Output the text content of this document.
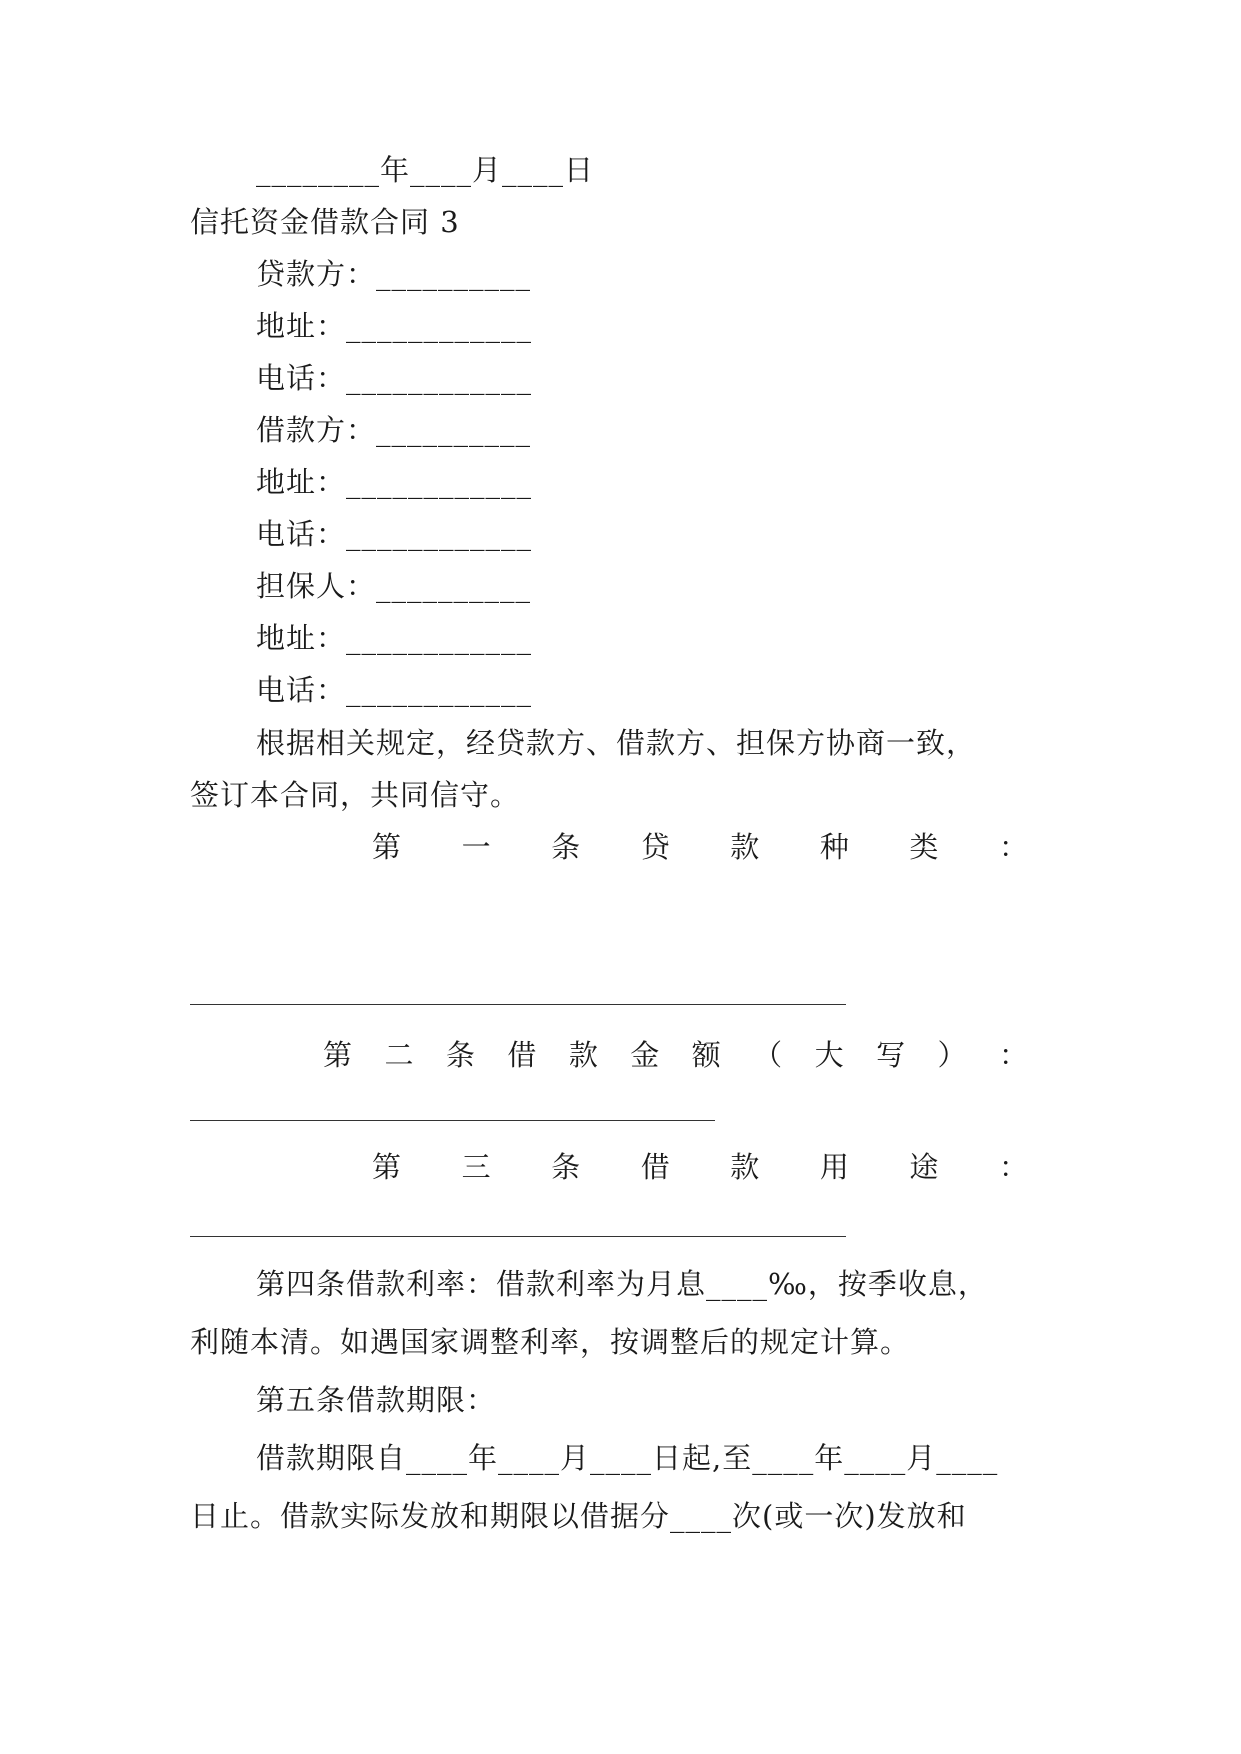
________年____月____日
信托资金借款合同 3
贷款方：__________
地址：____________
电话：____________
借款方：__________
地址：____________
电话：____________
担保人：__________
地址：____________
电话：____________
根据相关规定，经贷款方、借款方、担保方协商一致，
签订本合同，共同信守。
第 一 条 贷 款 种 类 ：
第 二 条 借 款 金 额 （ 大 写 ） ：
第 三 条 借 款 用 途 ：
第四条借款利率：借款利率为月息____‰，按季收息，
利随本清。如遇国家调整利率，按调整后的规定计算。
第五条借款期限：
借款期限自____年____月____日起,至____年____月____
日止。借款实际发放和期限以借据分____次(或一次)发放和
